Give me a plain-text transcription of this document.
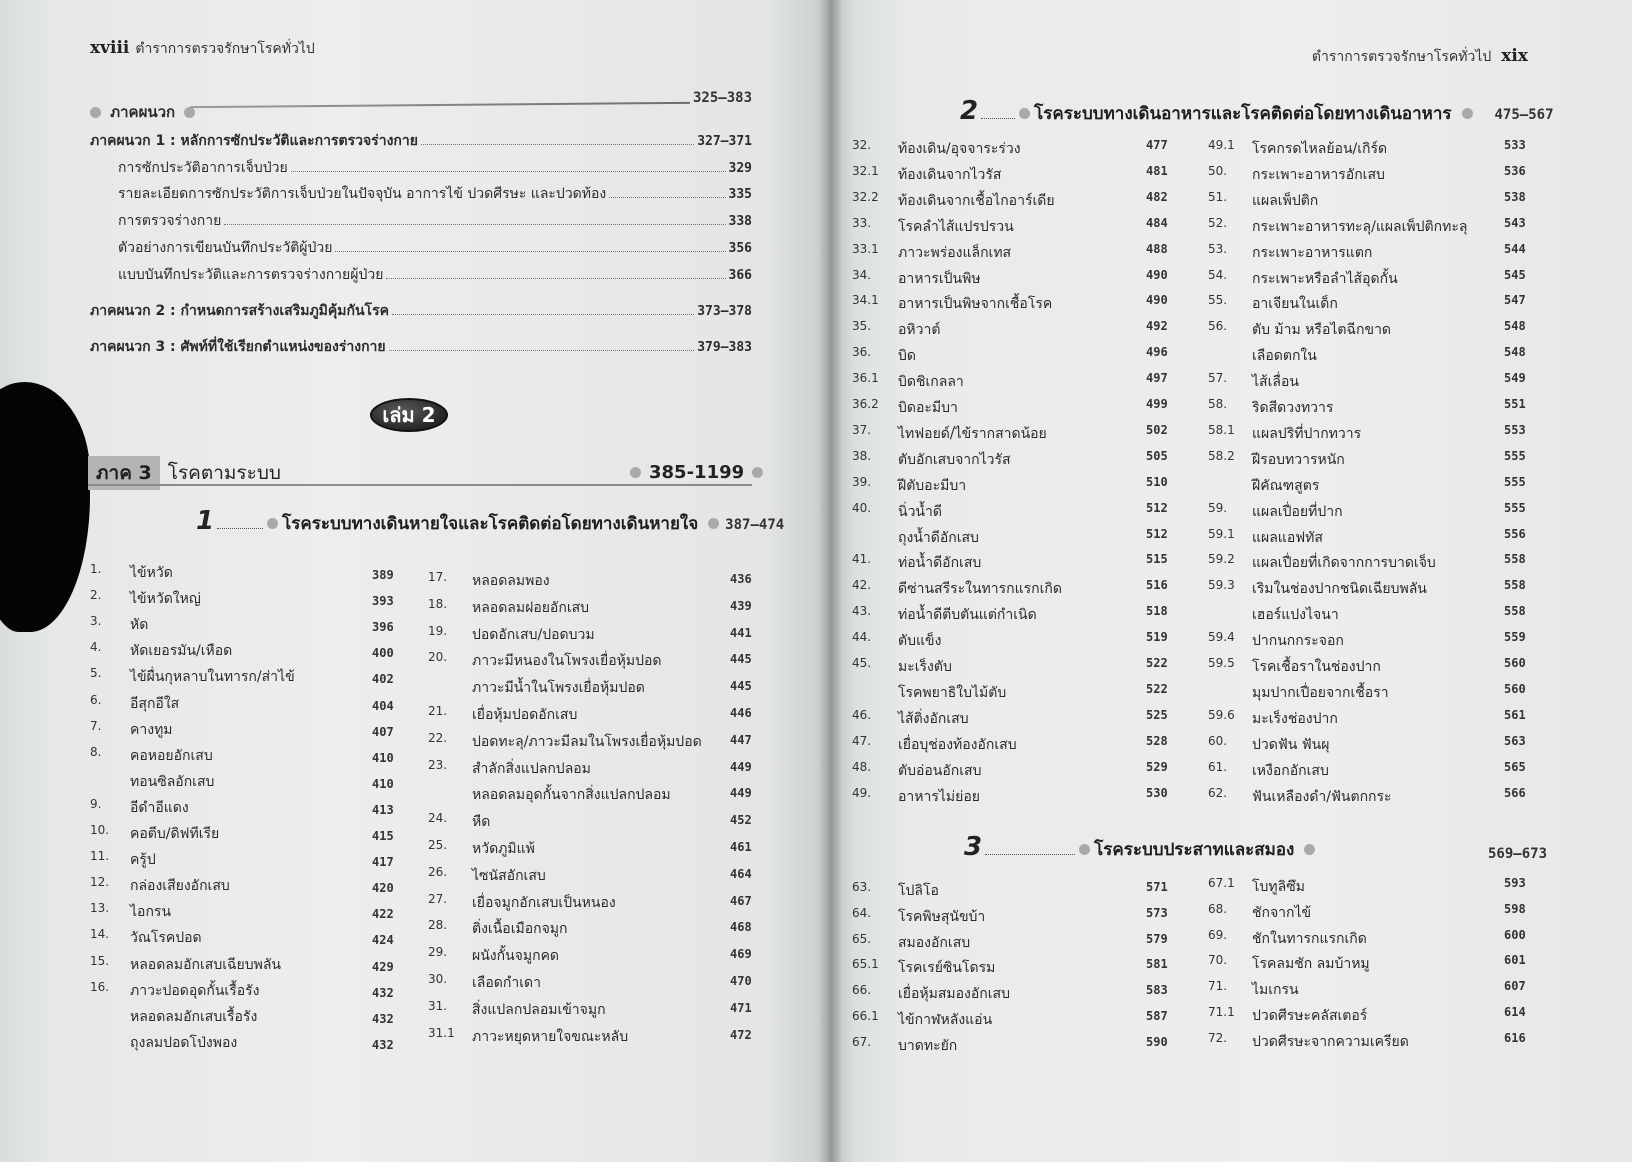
xviii ตำราการตรวจรักษาโรคทั่วไป
ภาคผนวก
325–383
ภาคผนวก 1 : หลักการซักประวัติและการตรวจร่างกาย	327–371
การซักประวัติอาการเจ็บป่วย	329
รายละเอียดการซักประวัติการเจ็บป่วยในปัจจุบัน อาการไข้ ปวดศีรษะ และปวดท้อง	335
การตรวจร่างกาย	338
ตัวอย่างการเขียนบันทึกประวัติผู้ป่วย	356
แบบบันทึกประวัติและการตรวจร่างกายผู้ป่วย	366
ภาคผนวก 2 : กำหนดการสร้างเสริมภูมิคุ้มกันโรค	373–378
ภาคผนวก 3 : ศัพท์ที่ใช้เรียกตำแหน่งของร่างกาย	379–383
เล่ม 2
ภาค 3 โรคตามระบบ	385-1199
1	โรคระบบทางเดินหายใจและโรคติดต่อโดยทางเดินหายใจ 387–474
1. ไข้หวัด	389
2. ไข้หวัดใหญ่	393
3. หัด	396
4. หัดเยอรมัน/เหือด	400
5. ไข้ผื่นกุหลาบในทารก/ส่าไข้	402
6. อีสุกอีใส	404
7. คางทูม	407
8. คอหอยอักเสบ	410
ทอนซิลอักเสบ	410
9. อีดำอีแดง	413
10. คอตีบ/ดิฟทีเรีย	415
11. ครู้ป	417
12. กล่องเสียงอักเสบ	420
13. ไอกรน	422
14. วัณโรคปอด	424
15. หลอดลมอักเสบเฉียบพลัน	429
16. ภาวะปอดอุดกั้นเรื้อรัง	432
หลอดลมอักเสบเรื้อรัง	432
ถุงลมปอดโป่งพอง	432
17. หลอดลมพอง	436
18. หลอดลมฝอยอักเสบ	439
19. ปอดอักเสบ/ปอดบวม	441
20. ภาวะมีหนองในโพรงเยื่อหุ้มปอด	445
ภาวะมีน้ำในโพรงเยื่อหุ้มปอด	445
21. เยื่อหุ้มปอดอักเสบ	446
22. ปอดทะลุ/ภาวะมีลมในโพรงเยื่อหุ้มปอด 447
23. สำลักสิ่งแปลกปลอม	449
หลอดลมอุดกั้นจากสิ่งแปลกปลอม	449
24. หืด	452
25. หวัดภูมิแพ้	461
26. ไซนัสอักเสบ	464
27. เยื่อจมูกอักเสบเป็นหนอง	467
28. ติ่งเนื้อเมือกจมูก	468
29. ผนังกั้นจมูกคด	469
30. เลือดกำเดา	470
31. สิ่งแปลกปลอมเข้าจมูก	471
31.1 ภาวะหยุดหายใจขณะหลับ	472
ตำราการตรวจรักษาโรคทั่วไป xix
2	โรคระบบทางเดินอาหารและโรคติดต่อโดยทางเดินอาหาร	475–567
32. ท้องเดิน/อุจจาระร่วง	477
32.1 ท้องเดินจากไวรัส	481
32.2 ท้องเดินจากเชื้อไกอาร์เดีย	482
33. โรคลำไส้แปรปรวน	484
33.1 ภาวะพร่องแล็กเทส	488
34. อาหารเป็นพิษ	490
34.1 อาหารเป็นพิษจากเชื้อโรค	490
35. อหิวาต์	492
36. บิด	496
36.1 บิดชิเกลลา	497
36.2 บิดอะมีบา	499
37. ไทฟอยด์/ไข้รากสาดน้อย	502
38. ตับอักเสบจากไวรัส	505
39. ฝีตับอะมีบา	510
40. นิ่วน้ำดี	512
ถุงน้ำดีอักเสบ	512
41. ท่อน้ำดีอักเสบ	515
42. ดีซ่านสรีระในทารกแรกเกิด	516
43. ท่อน้ำดีตีบตันแต่กำเนิด	518
44. ตับแข็ง	519
45. มะเร็งตับ	522
โรคพยาธิใบไม้ตับ	522
46. ไส้ติ่งอักเสบ	525
47. เยื่อบุช่องท้องอักเสบ	528
48. ตับอ่อนอักเสบ	529
49. อาหารไม่ย่อย	530
49.1 โรคกรดไหลย้อน/เกิร์ด	533
50. กระเพาะอาหารอักเสบ	536
51. แผลเพ็ปติก	538
52. กระเพาะอาหารทะลุ/แผลเพ็ปติกทะลุ	543
53. กระเพาะอาหารแตก	544
54. กระเพาะหรือลำไส้อุดกั้น	545
55. อาเจียนในเด็ก	547
56. ตับ ม้าม หรือไตฉีกขาด	548
เลือดตกใน	548
57. ไส้เลื่อน	549
58. ริดสีดวงทวาร	551
58.1 แผลปริที่ปากทวาร	553
58.2 ฝีรอบทวารหนัก	555
ฝีคัณฑสูตร	555
59. แผลเปื่อยที่ปาก	555
59.1 แผลแอฟทัส	556
59.2 แผลเปื่อยที่เกิดจากการบาดเจ็บ	558
59.3 เริมในช่องปากชนิดเฉียบพลัน	558
เฮอร์แปงไจนา	558
59.4 ปากนกกระจอก	559
59.5 โรคเชื้อราในช่องปาก	560
มุมปากเปื่อยจากเชื้อรา	560
59.6 มะเร็งช่องปาก	561
60. ปวดฟัน ฟันผุ	563
61. เหงือกอักเสบ	565
62. ฟันเหลืองดำ/ฟันตกกระ	566
3	โรคระบบประสาทและสมอง	569–673
63. โปลิโอ	571
64. โรคพิษสุนัขบ้า	573
65. สมองอักเสบ	579
65.1 โรคเรย์ซินโดรม	581
66. เยื่อหุ้มสมองอักเสบ	583
66.1 ไข้กาฬหลังแอ่น	587
67. บาดทะยัก	590
67.1 โบทูลิซึม	593
68. ชักจากไข้	598
69. ชักในทารกแรกเกิด	600
70. โรคลมชัก ลมบ้าหมู	601
71. ไมเกรน	607
71.1 ปวดศีรษะคลัสเตอร์	614
72. ปวดศีรษะจากความเครียด	616
